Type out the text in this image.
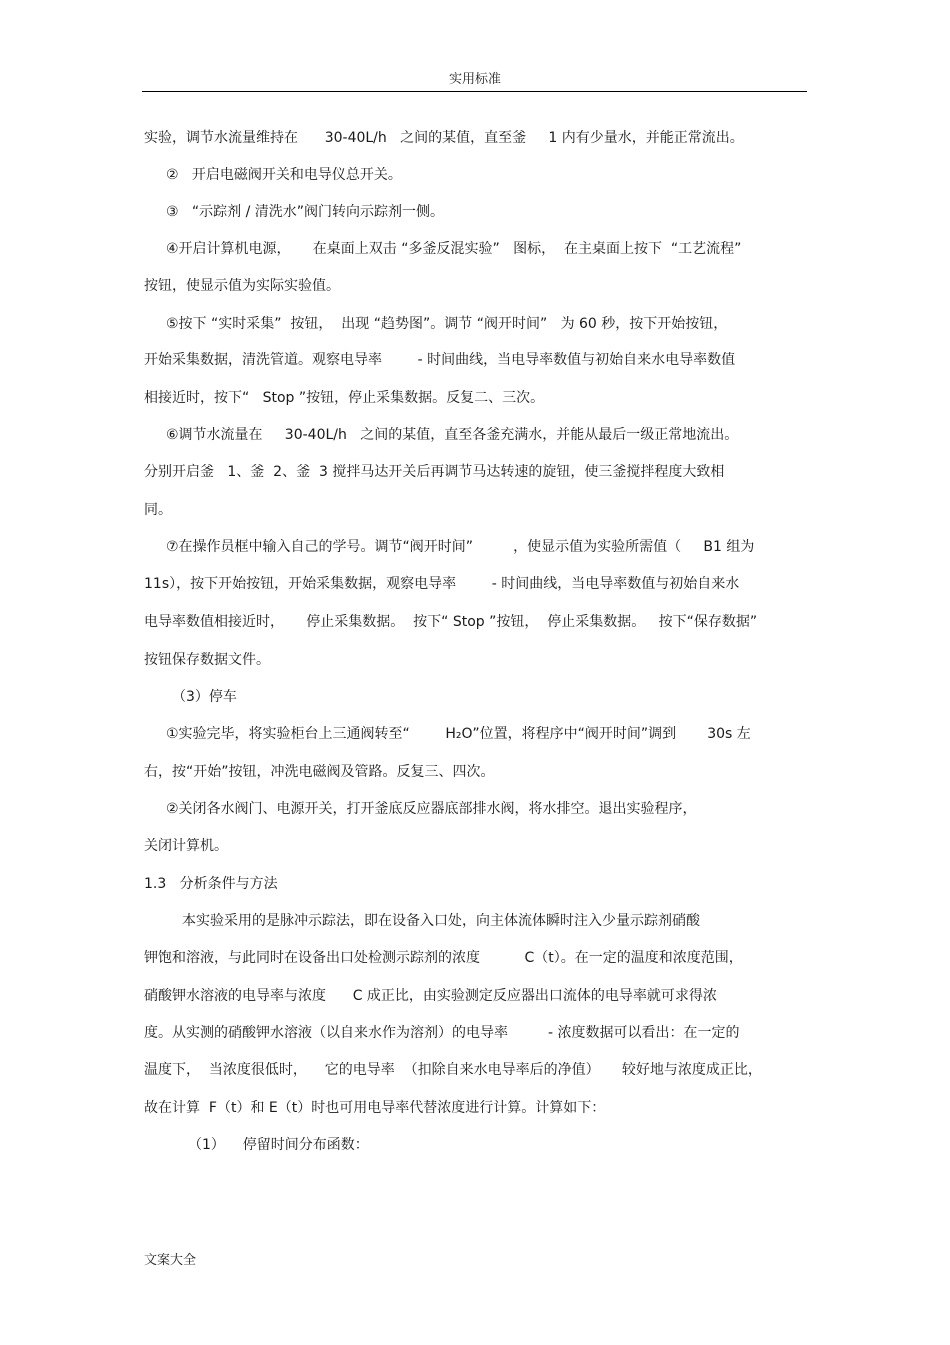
实用标准
实验，调节水流量维持在      30-40L/h   之间的某值，直至釜     1 内有少量水，并能正常流出。
②   开启电磁阀开关和电导仪总开关。
③   “示踪剂 / 清洗水”阀门转向示踪剂一侧。
④开启计算机电源，     在桌面上双击 “多釜反混实验”   图标，  在主桌面上按下  “工艺流程”
按钮，使显示值为实际实验值。
⑤按下 “实时采集”  按钮，  出现 “趋势图”。调节 “阀开时间”   为 60 秒，按下开始按钮，
开始采集数据，清洗管道。观察电导率        - 时间曲线，当电导率数值与初始自来水电导率数值
相接近时，按下“   Stop ”按钮，停止采集数据。反复二、三次。
⑥调节水流量在     30-40L/h   之间的某值，直至各釜充满水，并能从最后一级正常地流出。
分别开启釜   1、釜  2、釜  3 搅拌马达开关后再调节马达转速的旋钮，使三釜搅拌程度大致相
同。
⑦在操作员框中输入自己的学号。调节“阀开时间”         ，使显示值为实验所需值（     B1 组为
11s），按下开始按钮，开始采集数据，观察电导率        - 时间曲线，当电导率数值与初始自来水
电导率数值相接近时，     停止采集数据。  按下“ Stop ”按钮，  停止采集数据。   按下“保存数据”
按钮保存数据文件。
（3）停车
①实验完毕，将实验柜台上三通阀转至“        H₂O”位置，将程序中“阀开时间”调到       30s 左
右，按“开始”按钮，冲洗电磁阀及管路。反复三、四次。
②关闭各水阀门、电源开关，打开釜底反应器底部排水阀，将水排空。退出实验程序，
关闭计算机。
1.3   分析条件与方法
本实验采用的是脉冲示踪法，即在设备入口处，向主体流体瞬时注入少量示踪剂硝酸
钾饱和溶液，与此同时在设备出口处检测示踪剂的浓度          C（t）。在一定的温度和浓度范围，
硝酸钾水溶液的电导率与浓度      C 成正比，由实验测定反应器出口流体的电导率就可求得浓
度。从实测的硝酸钾水溶液（以自来水作为溶剂）的电导率         - 浓度数据可以看出：在一定的
温度下，  当浓度很低时，    它的电导率  （扣除自来水电导率后的净值）     较好地与浓度成正比，
故在计算  F（t）和 E（t）时也可用电导率代替浓度进行计算。计算如下：
（1）    停留时间分布函数：
文案大全
